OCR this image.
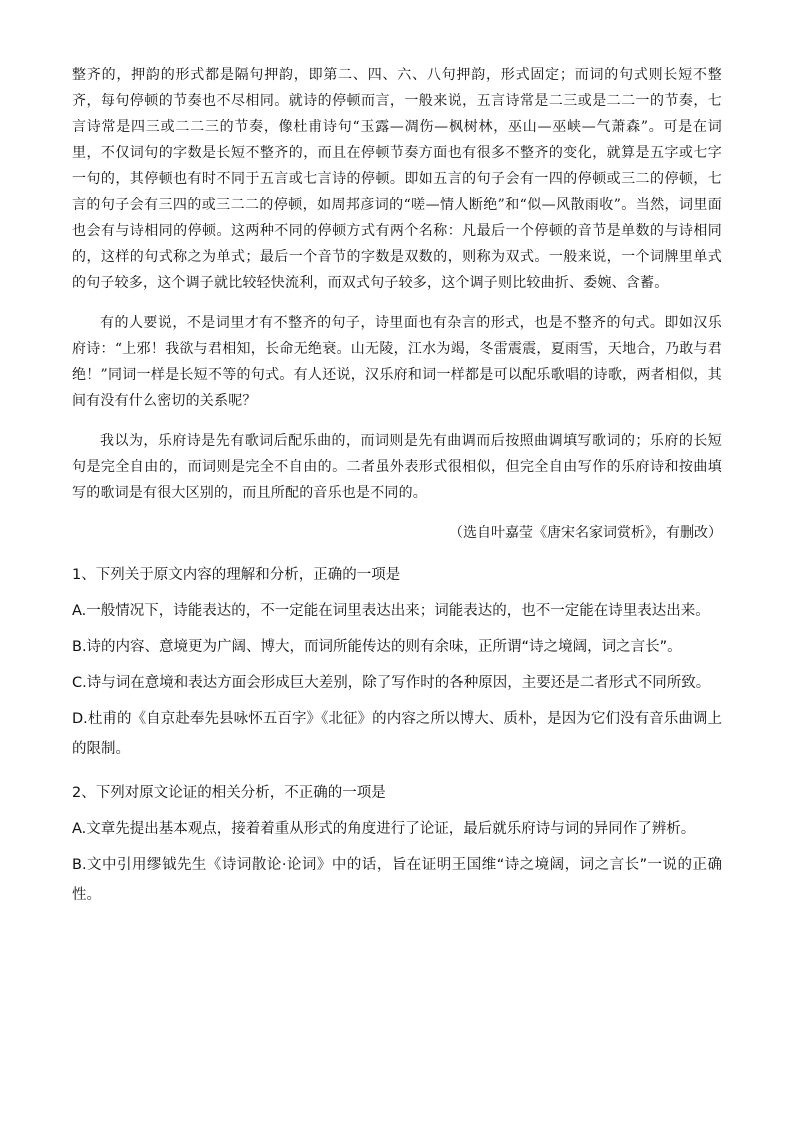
整齐的，押韵的形式都是隔句押韵，即第二、四、六、八句押韵，形式固定；而词的句式则长短不整齐，每句停顿的节奏也不尽相同。就诗的停顿而言，一般来说，五言诗常是二三或是二二一的节奏，七言诗常是四三或二二三的节奏，像杜甫诗句“玉露—凋伤—枫树林，巫山—巫峡—气萧森”。可是在词里，不仅词句的字数是长短不整齐的，而且在停顿节奏方面也有很多不整齐的变化，就算是五字或七字一句的，其停顿也有时不同于五言或七言诗的停顿。即如五言的句子会有一四的停顿或三二的停顿，七言的句子会有三四的或三二二的停顿，如周邦彦词的“嗟—情人断绝”和“似—风散雨收”。当然，词里面也会有与诗相同的停顿。这两种不同的停顿方式有两个名称：凡最后一个停顿的音节是单数的与诗相同的，这样的句式称之为单式；最后一个音节的字数是双数的，则称为双式。一般来说，一个词牌里单式的句子较多，这个调子就比较轻快流利，而双式句子较多，这个调子则比较曲折、委婉、含蓄。

有的人要说，不是词里才有不整齐的句子，诗里面也有杂言的形式，也是不整齐的句式。即如汉乐府诗：“上邪！我欲与君相知，长命无绝衰。山无陵，江水为竭，冬雷震震，夏雨雪，天地合，乃敢与君绝！”同词一样是长短不等的句式。有人还说，汉乐府和词一样都是可以配乐歌唱的诗歌，两者相似，其间有没有什么密切的关系呢？

我以为，乐府诗是先有歌词后配乐曲的，而词则是先有曲调而后按照曲调填写歌词的；乐府的长短句是完全自由的，而词则是完全不自由的。二者虽外表形式很相似，但完全自由写作的乐府诗和按曲填写的歌词是有很大区别的，而且所配的音乐也是不同的。

（选自叶嘉莹《唐宋名家词赏析》，有删改）

1、下列关于原文内容的理解和分析，正确的一项是

A.一般情况下，诗能表达的，不一定能在词里表达出来；词能表达的，也不一定能在诗里表达出来。

B.诗的内容、意境更为广阔、博大，而词所能传达的则有余味，正所谓“诗之境阔，词之言长”。

C.诗与词在意境和表达方面会形成巨大差别，除了写作时的各种原因，主要还是二者形式不同所致。

D.杜甫的《自京赴奉先县咏怀五百字》《北征》的内容之所以博大、质朴，是因为它们没有音乐曲调上的限制。

2、下列对原文论证的相关分析，不正确的一项是

A.文章先提出基本观点，接着着重从形式的角度进行了论证，最后就乐府诗与词的异同作了辨析。

B.文中引用缪钺先生《诗词散论·论词》中的话，旨在证明王国维“诗之境阔，词之言长”一说的正确性。
